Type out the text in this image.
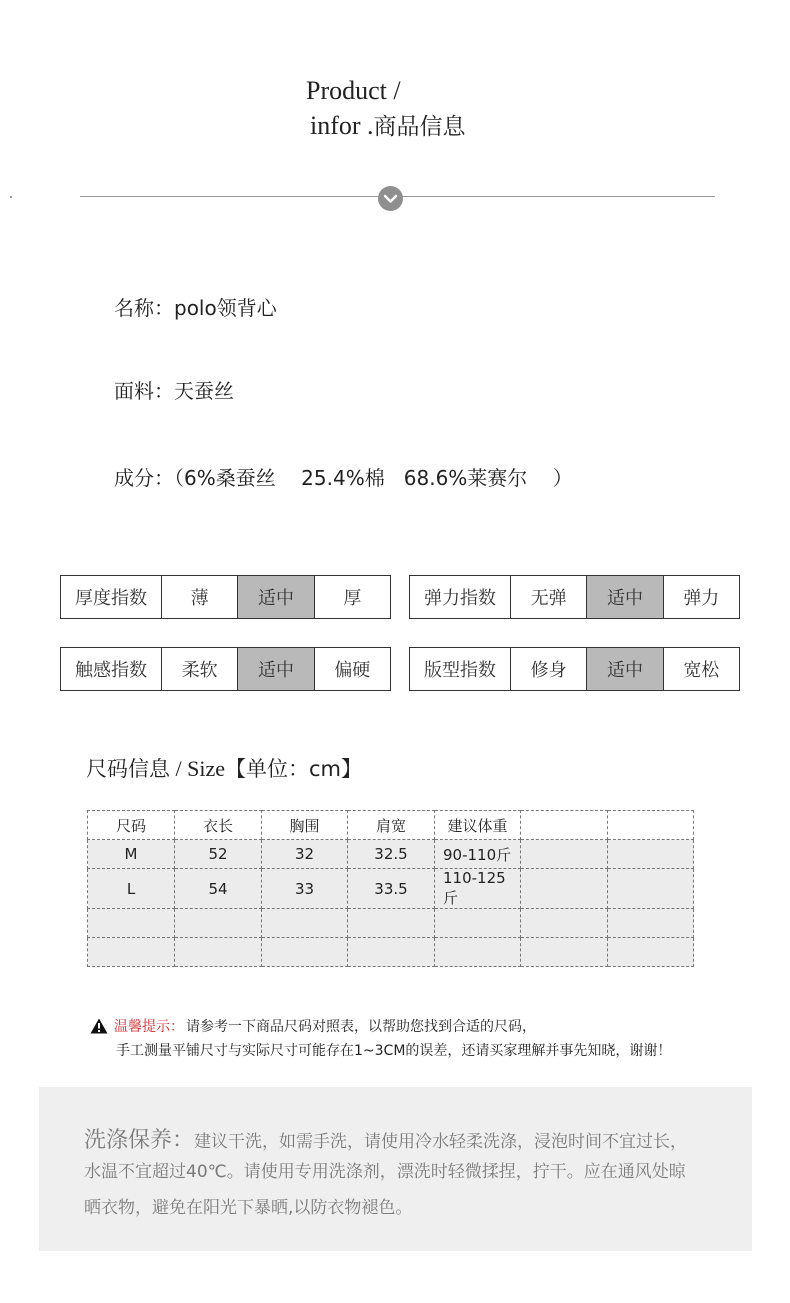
Product /
infor .商品信息
名称：polo领背心
面料：天蚕丝
成分：（6%桑蚕丝    25.4%棉   68.6%莱赛尔    ）
厚度指数	薄	适中	厚	弹力指数	无弹	适中	弹力
触感指数	柔软	适中	偏硬	版型指数	修身	适中	宽松
尺码信息 / Size【单位：cm】
尺码	衣长	胸围	肩宽	建议体重		
M	52	32	32.5	90-110斤		
L	54	33	33.5	110-125斤		

温馨提示： 请参考一下商品尺码对照表，以帮助您找到合适的尺码，
手工测量平铺尺寸与实际尺寸可能存在1~3CM的误差，还请买家理解并事先知晓，谢谢！
洗涤保养：建议干洗，如需手洗，请使用冷水轻柔洗涤，浸泡时间不宜过长，
水温不宜超过40℃。请使用专用洗涤剂，漂洗时轻微揉捏，拧干。应在通风处晾
晒衣物，避免在阳光下暴晒,以防衣物褪色。
